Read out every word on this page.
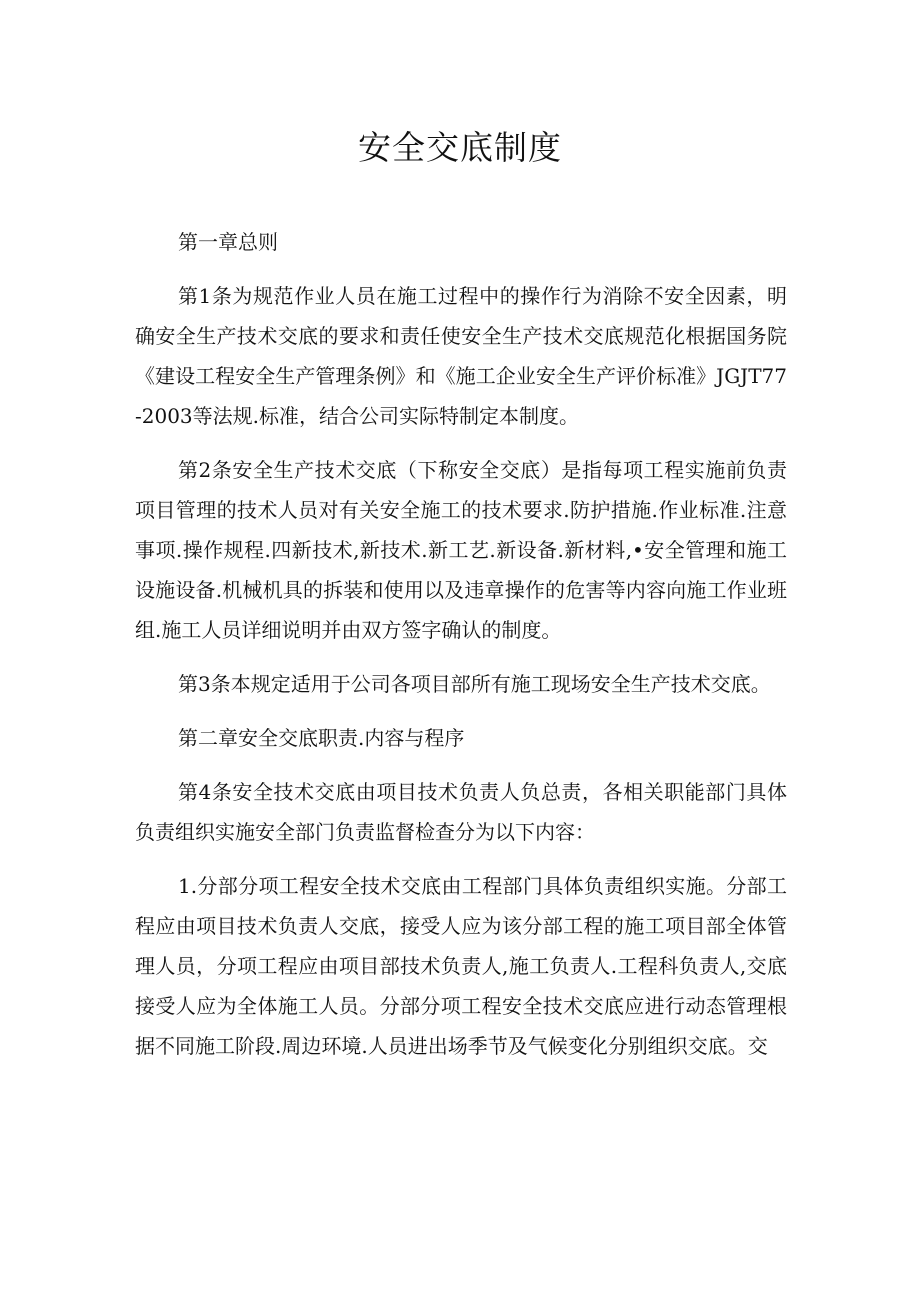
安全交底制度

第一章总则

第1条为规范作业人员在施工过程中的操作行为消除不安全因素，明确安全生产技术交底的要求和责任使安全生产技术交底规范化根据国务院《建设工程安全生产管理条例》和《施工企业安全生产评价标准》JGJT77-2003等法规.标准，结合公司实际特制定本制度。

第2条安全生产技术交底（下称安全交底）是指每项工程实施前负责项目管理的技术人员对有关安全施工的技术要求.防护措施.作业标准.注意事项.操作规程.四新技术,新技术.新工艺.新设备.新材料,•安全管理和施工设施设备.机械机具的拆装和使用以及违章操作的危害等内容向施工作业班组.施工人员详细说明并由双方签字确认的制度。

第3条本规定适用于公司各项目部所有施工现场安全生产技术交底。

第二章安全交底职责.内容与程序

第4条安全技术交底由项目技术负责人负总责，各相关职能部门具体负责组织实施安全部门负责监督检查分为以下内容：

1.分部分项工程安全技术交底由工程部门具体负责组织实施。分部工程应由项目技术负责人交底，接受人应为该分部工程的施工项目部全体管理人员，分项工程应由项目部技术负责人,施工负责人.工程科负责人,交底接受人应为全体施工人员。分部分项工程安全技术交底应进行动态管理根据不同施工阶段.周边环境.人员进出场季节及气候变化分别组织交底。交
